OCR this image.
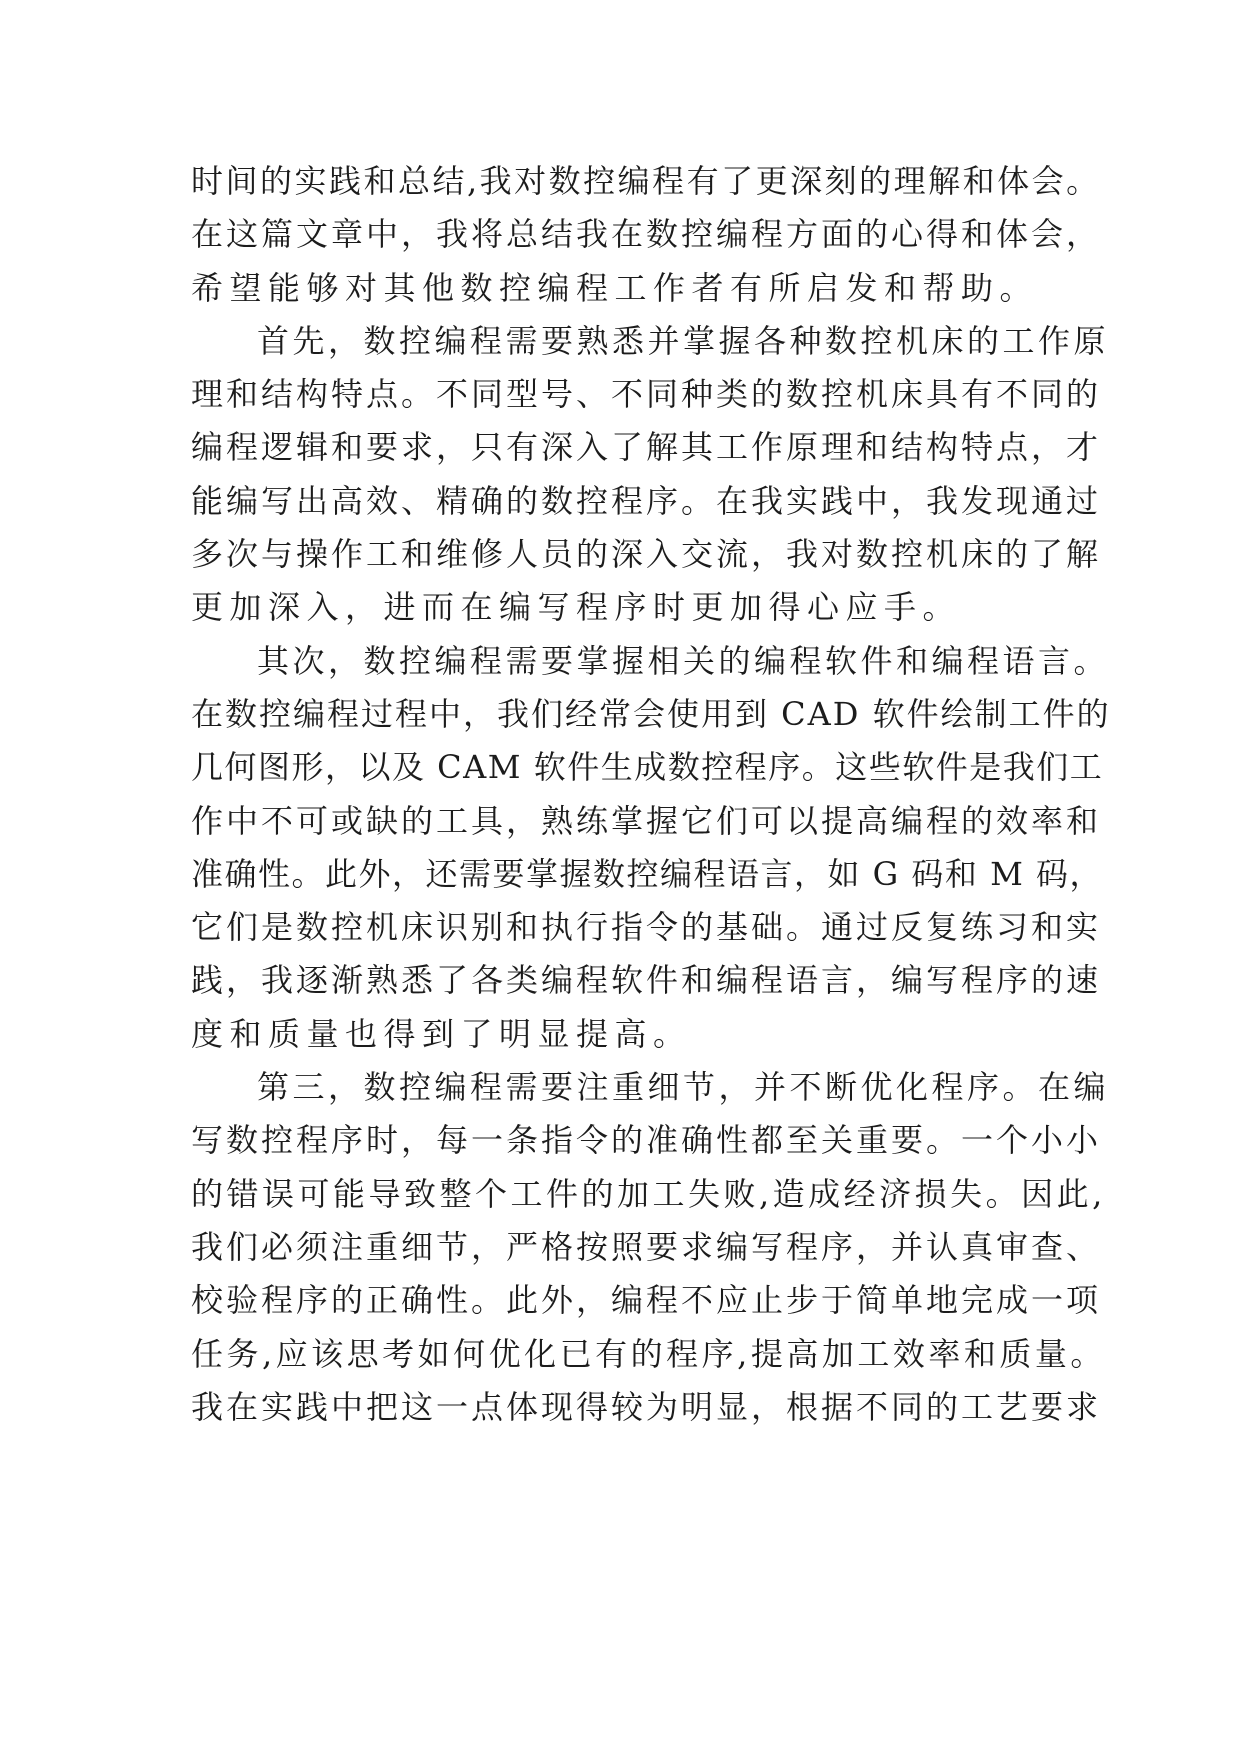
时间的实践和总结,我对数控编程有了更深刻的理解和体会。
在这篇文章中，我将总结我在数控编程方面的心得和体会，
希望能够对其他数控编程工作者有所启发和帮助。
首先，数控编程需要熟悉并掌握各种数控机床的工作原
理和结构特点。不同型号、不同种类的数控机床具有不同的
编程逻辑和要求，只有深入了解其工作原理和结构特点，才
能编写出高效、精确的数控程序。在我实践中，我发现通过
多次与操作工和维修人员的深入交流，我对数控机床的了解
更加深入，进而在编写程序时更加得心应手。
其次，数控编程需要掌握相关的编程软件和编程语言。
在数控编程过程中，我们经常会使用到 CAD 软件绘制工件的
几何图形，以及 CAM 软件生成数控程序。这些软件是我们工
作中不可或缺的工具，熟练掌握它们可以提高编程的效率和
准确性。此外，还需要掌握数控编程语言，如 G 码和 M 码，
它们是数控机床识别和执行指令的基础。通过反复练习和实
践，我逐渐熟悉了各类编程软件和编程语言，编写程序的速
度和质量也得到了明显提高。
第三，数控编程需要注重细节，并不断优化程序。在编
写数控程序时，每一条指令的准确性都至关重要。一个小小
的错误可能导致整个工件的加工失败,造成经济损失。因此,
我们必须注重细节，严格按照要求编写程序，并认真审查、
校验程序的正确性。此外，编程不应止步于简单地完成一项
任务,应该思考如何优化已有的程序,提高加工效率和质量。
我在实践中把这一点体现得较为明显，根据不同的工艺要求
